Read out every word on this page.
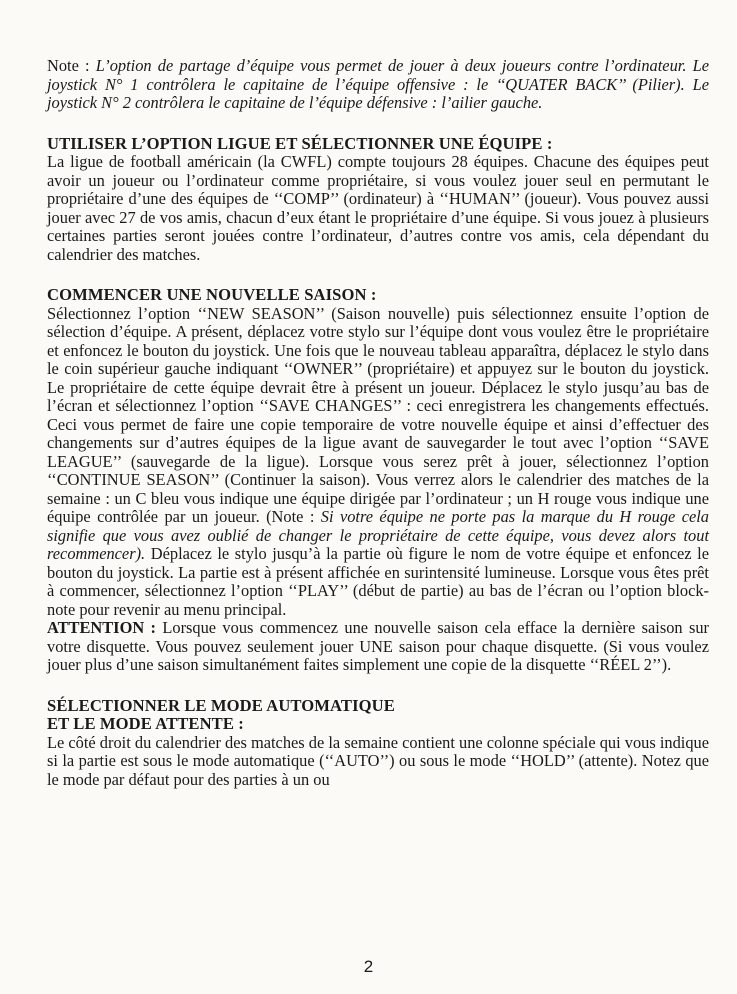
Note : L’option de partage d’équipe vous permet de jouer à deux joueurs contre l’ordinateur. Le joystick N° 1 contrôlera le capitaine de l’équipe offensive : le ‘‘QUATER BACK’’ (Pilier). Le joystick N° 2 contrôlera le capitaine de l’équipe défensive : l’ailier gauche.

UTILISER L’OPTION LIGUE ET SÉLECTIONNER UNE ÉQUIPE :

La ligue de football américain (la CWFL) compte toujours 28 équipes. Chacune des équipes peut avoir un joueur ou l’ordinateur comme propriétaire, si vous voulez jouer seul en permutant le propriétaire d’une des équipes de ‘‘COMP’’ (ordinateur) à ‘‘HUMAN’’ (joueur). Vous pouvez aussi jouer avec 27 de vos amis, chacun d’eux étant le propriétaire d’une équipe. Si vous jouez à plusieurs certaines parties seront jouées contre l’ordinateur, d’autres contre vos amis, cela dépendant du calendrier des matches.

COMMENCER UNE NOUVELLE SAISON :

Sélectionnez l’option ‘‘NEW SEASON’’ (Saison nouvelle) puis sélectionnez ensuite l’option de sélection d’équipe. A présent, déplacez votre stylo sur l’équipe dont vous voulez être le propriétaire et enfoncez le bouton du joystick. Une fois que le nouveau tableau apparaîtra, déplacez le stylo dans le coin supérieur gauche indiquant ‘‘OWNER’’ (propriétaire) et appuyez sur le bouton du joystick. Le propriétaire de cette équipe devrait être à présent un joueur. Déplacez le stylo jusqu’au bas de l’écran et sélectionnez l’option ‘‘SAVE CHANGES’’ : ceci enregistrera les changements effectués. Ceci vous permet de faire une copie temporaire de votre nouvelle équipe et ainsi d’effectuer des changements sur d’autres équipes de la ligue avant de sauvegarder le tout avec l’option ‘‘SAVE LEAGUE’’ (sauvegarde de la ligue). Lorsque vous serez prêt à jouer, sélectionnez l’option ‘‘CONTINUE SEASON’’ (Continuer la saison). Vous verrez alors le calendrier des matches de la semaine : un C bleu vous indique une équipe dirigée par l’ordinateur ; un H rouge vous indique une équipe contrôlée par un joueur. (Note : Si votre équipe ne porte pas la marque du H rouge cela signifie que vous avez oublié de changer le propriétaire de cette équipe, vous devez alors tout recommencer). Déplacez le stylo jusqu’à la partie où figure le nom de votre équipe et enfoncez le bouton du joystick. La partie est à présent affichée en surintensité lumineuse. Lorsque vous êtes prêt à commencer, sélectionnez l’option ‘‘PLAY’’ (début de partie) au bas de l’écran ou l’option block-note pour revenir au menu principal.

ATTENTION : Lorsque vous commencez une nouvelle saison cela efface la dernière saison sur votre disquette. Vous pouvez seulement jouer UNE saison pour chaque disquette. (Si vous voulez jouer plus d’une saison simultanément faites simplement une copie de la disquette ‘‘RÉEL 2’’).

SÉLECTIONNER LE MODE AUTOMATIQUE
ET LE MODE ATTENTE :

Le côté droit du calendrier des matches de la semaine contient une colonne spéciale qui vous indique si la partie est sous le mode automatique (‘‘AUTO’’) ou sous le mode ‘‘HOLD’’ (attente). Notez que le mode par défaut pour des parties à un ou

2
